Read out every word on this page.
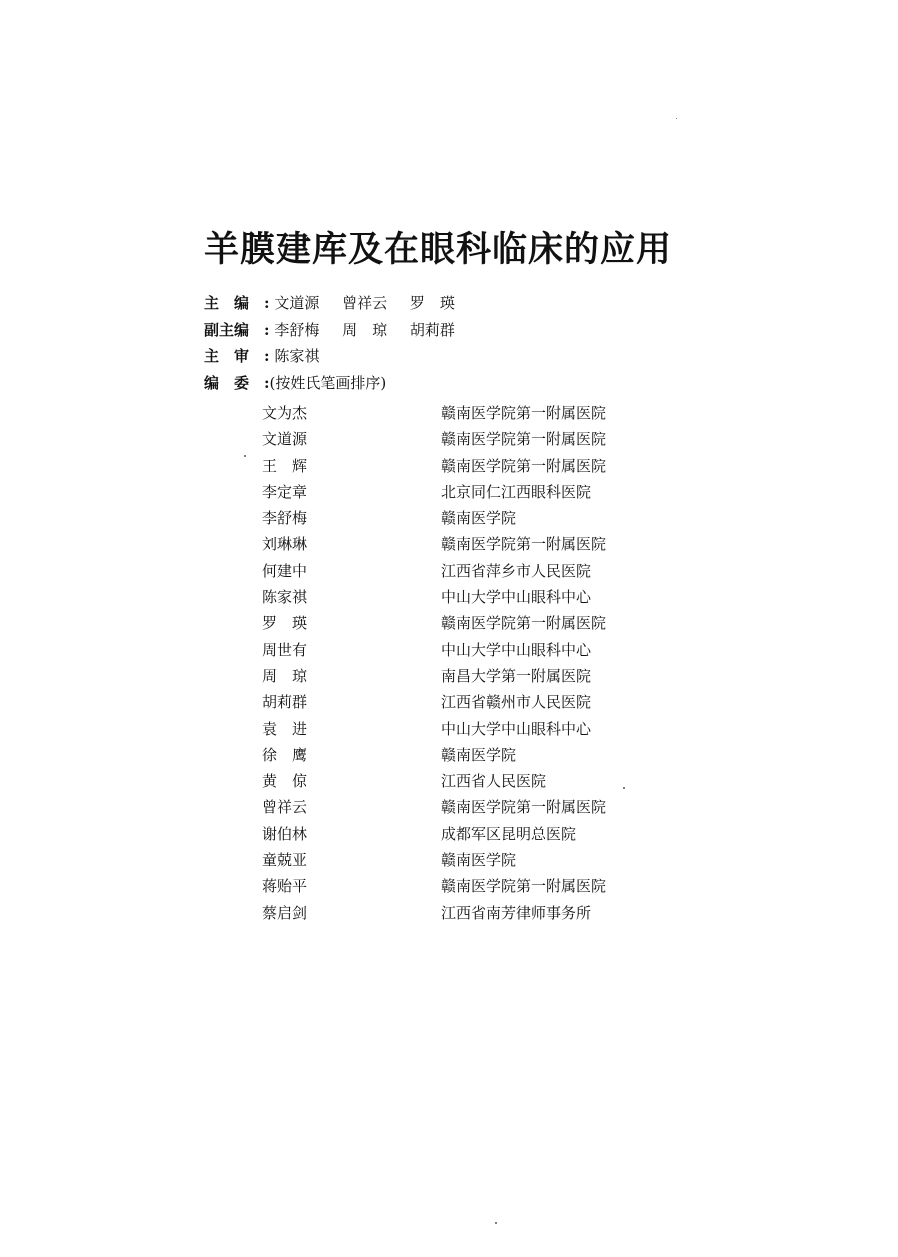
羊膜建库及在眼科临床的应用
主　编 : 文道源 曾祥云 罗　瑛
副主编 : 李舒梅 周　琼 胡莉群
主　审 : 陈家祺
编　委 :(按姓氏笔画排序)
文为杰	赣南医学院第一附属医院
文道源	赣南医学院第一附属医院
王　辉	赣南医学院第一附属医院
李定章	北京同仁江西眼科医院
李舒梅	赣南医学院
刘琳琳	赣南医学院第一附属医院
何建中	江西省萍乡市人民医院
陈家祺	中山大学中山眼科中心
罗　瑛	赣南医学院第一附属医院
周世有	中山大学中山眼科中心
周　琼	南昌大学第一附属医院
胡莉群	江西省赣州市人民医院
袁　进	中山大学中山眼科中心
徐　鹰	赣南医学院
黄　倞	江西省人民医院
曾祥云	赣南医学院第一附属医院
谢伯林	成都军区昆明总医院
童兢亚	赣南医学院
蒋贻平	赣南医学院第一附属医院
蔡启剑	江西省南芳律师事务所
